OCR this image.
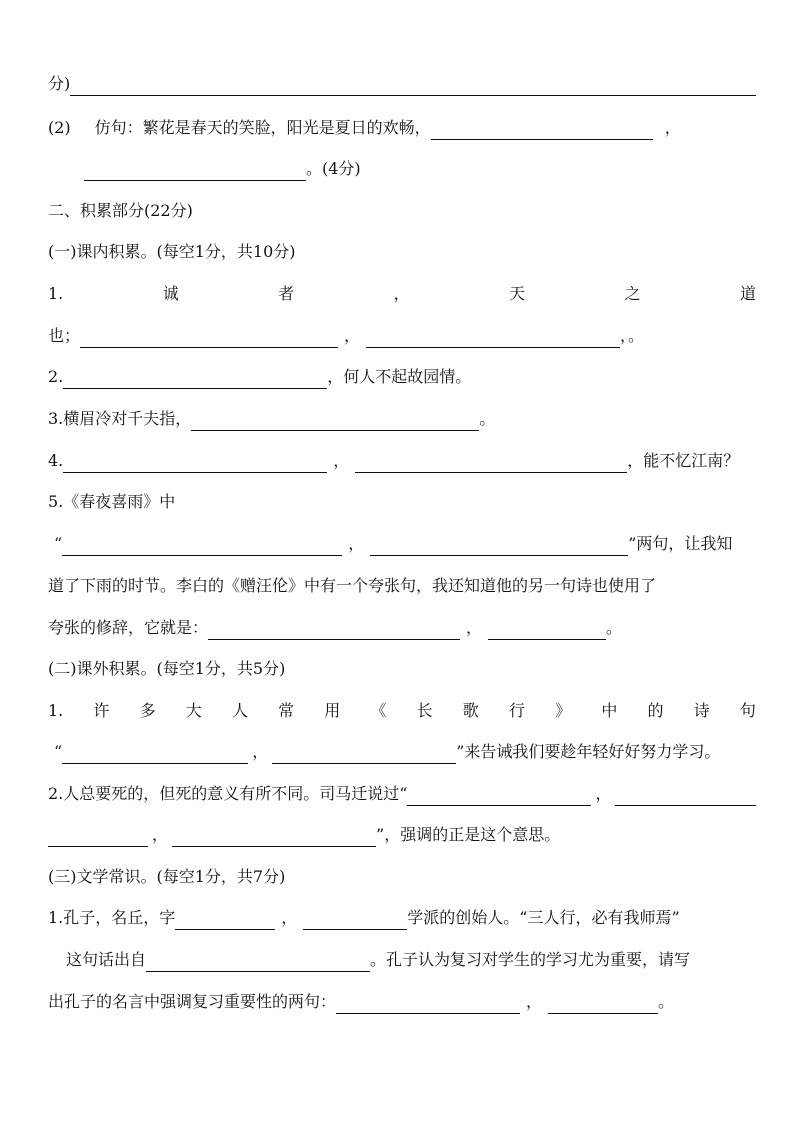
分)
(2) 仿句：繁花是春天的笑脸，阳光是夏日的欢畅，	，
。(4分)
二、积累部分(22分)
(一)课内积累。(每空1分，共10分)
1.	诚	者	，	天	之	道
也；	，	，。
2.	，何人不起故园情。
3.横眉冷对千夫指，	。
4.	，	，能不忆江南？
5.《春夜喜雨》中
“	，	”两句，让我知
道了下雨的时节。李白的《赠汪伦》中有一个夸张句，我还知道他的另一句诗也使用了
夸张的修辞，它就是：	，	。
(二)课外积累。(每空1分，共5分)
1. 许 多 大 人 常 用 《 长 歌 行 》 中 的 诗 句
“	，	”来告诫我们要趁年轻好好努力学习。
2.人总要死的，但死的意义有所不同。司马迁说过“	，
，	”，强调的正是这个意思。
(三)文学常识。(每空1分，共7分)
1.孔子，名丘，字	，	学派的创始人。“三人行，必有我师焉”
这句话出自	。孔子认为复习对学生的学习尤为重要，请写
出孔子的名言中强调复习重要性的两句：	，	。
